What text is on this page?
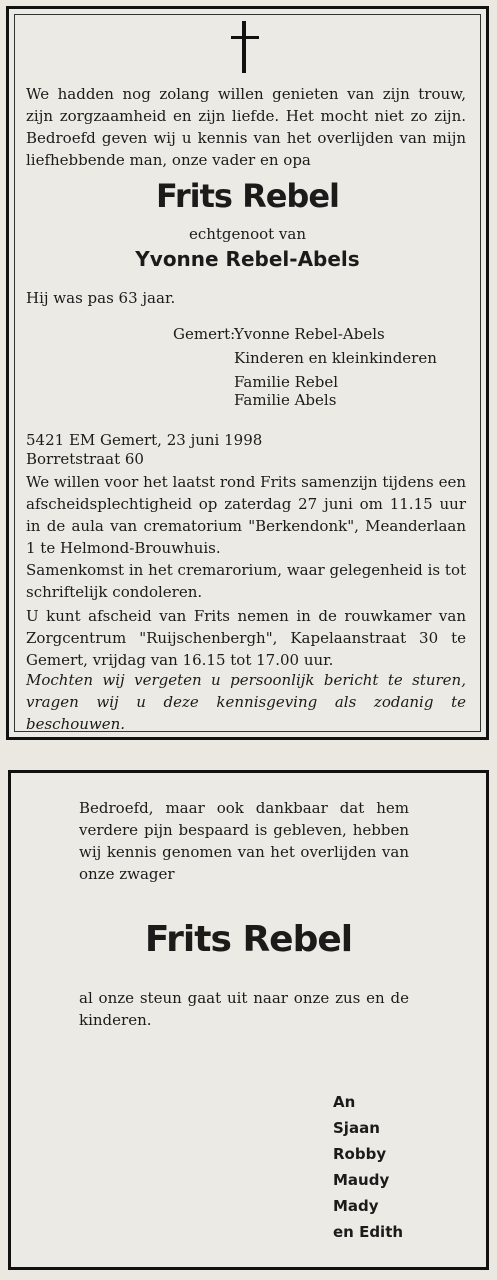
We hadden nog zolang willen genieten van zijn trouw, zijn zorgzaamheid en zijn liefde. Het mocht niet zo zijn. Bedroefd geven wij u kennis van het overlijden van mijn liefhebbende man, onze vader en opa
Frits Rebel
echtgenoot van
Yvonne Rebel-Abels
Hij was pas 63 jaar.
Gemert:
Yvonne Rebel-Abels
Kinderen en kleinkinderen
Familie Rebel
Familie Abels
5421 EM Gemert, 23 juni 1998
Borretstraat 60
We willen voor het laatst rond Frits samenzijn tijdens een afscheidsplechtigheid op zaterdag 27 juni om 11.15 uur in de aula van crematorium "Berkendonk", Meanderlaan 1 te Helmond-Brouwhuis.
Samenkomst in het cremarorium, waar gelegenheid is tot schriftelijk condoleren.
U kunt afscheid van Frits nemen in de rouwkamer van Zorgcentrum "Ruijschenbergh", Kapelaanstraat 30 te Gemert, vrijdag van 16.15 tot 17.00 uur.
Mochten wij vergeten u persoonlijk bericht te sturen, vragen wij u deze kennisgeving als zodanig te beschouwen.
Bedroefd, maar ook dankbaar dat hem verdere pijn bespaard is gebleven, hebben wij kennis genomen van het overlijden van onze zwager
Frits Rebel
al onze steun gaat uit naar onze zus en de kinderen.
An
Sjaan
Robby
Maudy
Mady
en Edith
